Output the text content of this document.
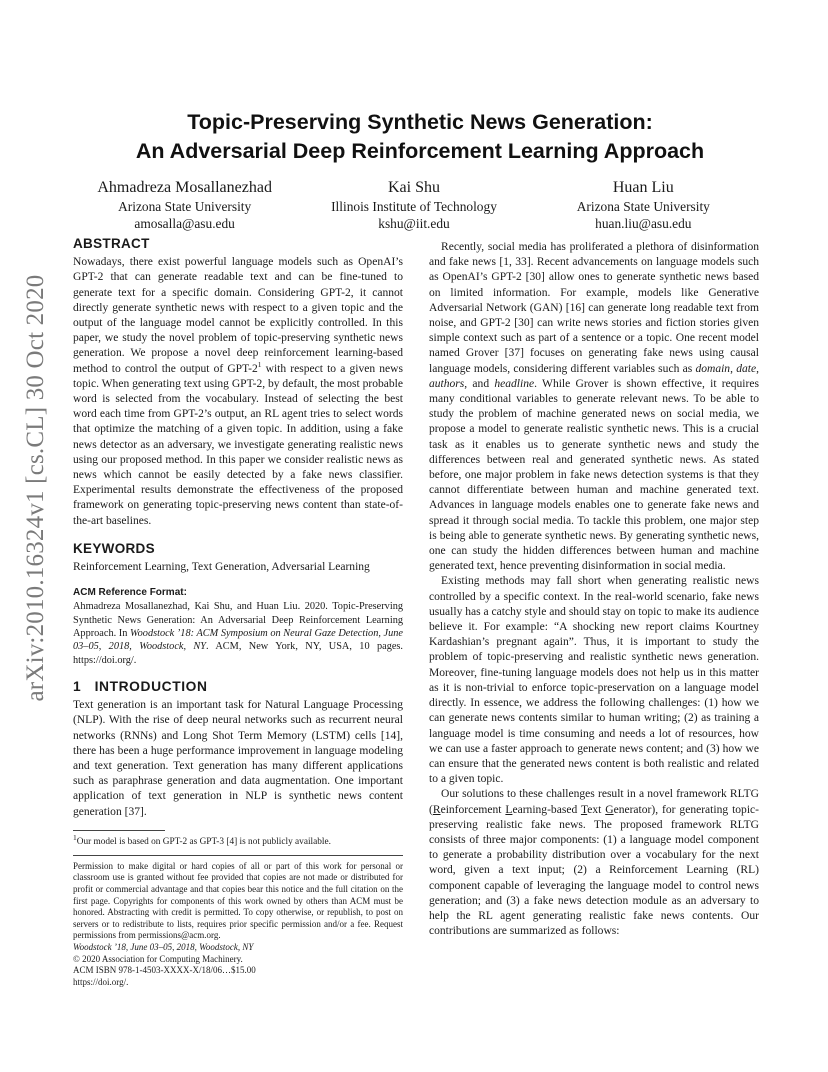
arXiv:2010.16324v1 [cs.CL] 30 Oct 2020
Topic-Preserving Synthetic News Generation:
An Adversarial Deep Reinforcement Learning Approach
Ahmadreza Mosallanezhad
Arizona State University
amosalla@asu.edu
Kai Shu
Illinois Institute of Technology
kshu@iit.edu
Huan Liu
Arizona State University
huan.liu@asu.edu
ABSTRACT

Nowadays, there exist powerful language models such as OpenAI’s GPT-2 that can generate readable text and can be fine-tuned to generate text for a specific domain. Considering GPT-2, it cannot directly generate synthetic news with respect to a given topic and the output of the language model cannot be explicitly controlled. In this paper, we study the novel problem of topic-preserving synthetic news generation. We propose a novel deep reinforcement learning-based method to control the output of GPT-$2^1$ with respect to a given news topic. When generating text using GPT-2, by default, the most probable word is selected from the vocabulary. Instead of selecting the best word each time from GPT-2’s output, an RL agent tries to select words that optimize the matching of a given topic. In addition, using a fake news detector as an adversary, we investigate generating realistic news using our proposed method. In this paper we consider realistic news as news which cannot be easily detected by a fake news classifier. Experimental results demonstrate the effectiveness of the proposed framework on generating topic-preserving news content than state-of-the-art baselines.

KEYWORDS

Reinforcement Learning, Text Generation, Adversarial Learning

ACM Reference Format:

Ahmadreza Mosallanezhad, Kai Shu, and Huan Liu. 2020. Topic-Preserving Synthetic News Generation: An Adversarial Deep Reinforcement Learning Approach. In Woodstock ’18: ACM Symposium on Neural Gaze Detection, June 03–05, 2018, Woodstock, NY. ACM, New York, NY, USA, 10 pages. https://doi.org/.

1 INTRODUCTION

Text generation is an important task for Natural Language Processing (NLP). With the rise of deep neural networks such as recurrent neural networks (RNNs) and Long Shot Term Memory (LSTM) cells [14], there has been a huge performance improvement in language modeling and text generation. Text generation has many different applications such as paraphrase generation and data augmentation. One important application of text generation in NLP is synthetic news content generation [37].

$^1$Our model is based on GPT-2 as GPT-3 [4] is not publicly available.

Permission to make digital or hard copies of all or part of this work for personal or classroom use is granted without fee provided that copies are not made or distributed for profit or commercial advantage and that copies bear this notice and the full citation on the first page. Copyrights for components of this work owned by others than ACM must be honored. Abstracting with credit is permitted. To copy otherwise, or republish, to post on servers or to redistribute to lists, requires prior specific permission and/or a fee. Request permissions from permissions@acm.org.

Woodstock ’18, June 03–05, 2018, Woodstock, NY
© 2020 Association for Computing Machinery.
ACM ISBN 978-1-4503-XXXX-X/18/06…$15.00
https://doi.org/.

Recently, social media has proliferated a plethora of disinformation and fake news [1, 33]. Recent advancements on language models such as OpenAI’s GPT-2 [30] allow ones to generate synthetic news based on limited information. For example, models like Generative Adversarial Network (GAN) [16] can generate long readable text from noise, and GPT-2 [30] can write news stories and fiction stories given simple context such as part of a sentence or a topic. One recent model named Grover [37] focuses on generating fake news using causal language models, considering different variables such as domain, date, authors, and headline. While Grover is shown effective, it requires many conditional variables to generate relevant news. To be able to study the problem of machine generated news on social media, we propose a model to generate realistic synthetic news. This is a crucial task as it enables us to generate synthetic news and study the differences between real and generated synthetic news. As stated before, one major problem in fake news detection systems is that they cannot differentiate between human and machine generated text. Advances in language models enables one to generate fake news and spread it through social media. To tackle this problem, one major step is being able to generate synthetic news. By generating synthetic news, one can study the hidden differences between human and machine generated text, hence preventing disinformation in social media.

Existing methods may fall short when generating realistic news controlled by a specific context. In the real-world scenario, fake news usually has a catchy style and should stay on topic to make its audience believe it. For example: “A shocking new report claims Kourtney Kardashian’s pregnant again”. Thus, it is important to study the problem of topic-preserving and realistic synthetic news generation. Moreover, fine-tuning language models does not help us in this matter as it is non-trivial to enforce topic-preservation on a language model directly. In essence, we address the following challenges: (1) how we can generate news contents similar to human writing; (2) as training a language model is time consuming and needs a lot of resources, how we can use a faster approach to generate news content; and (3) how we can ensure that the generated news content is both realistic and related to a given topic.

Our solutions to these challenges result in a novel framework RLTG (Reinforcement Learning-based Text Generator), for generating topic-preserving realistic fake news. The proposed framework RLTG consists of three major components: (1) a language model component to generate a probability distribution over a vocabulary for the next word, given a text input; (2) a Reinforcement Learning (RL) component capable of leveraging the language model to control news generation; and (3) a fake news detection module as an adversary to help the RL agent generating realistic fake news contents. Our contributions are summarized as follows:
